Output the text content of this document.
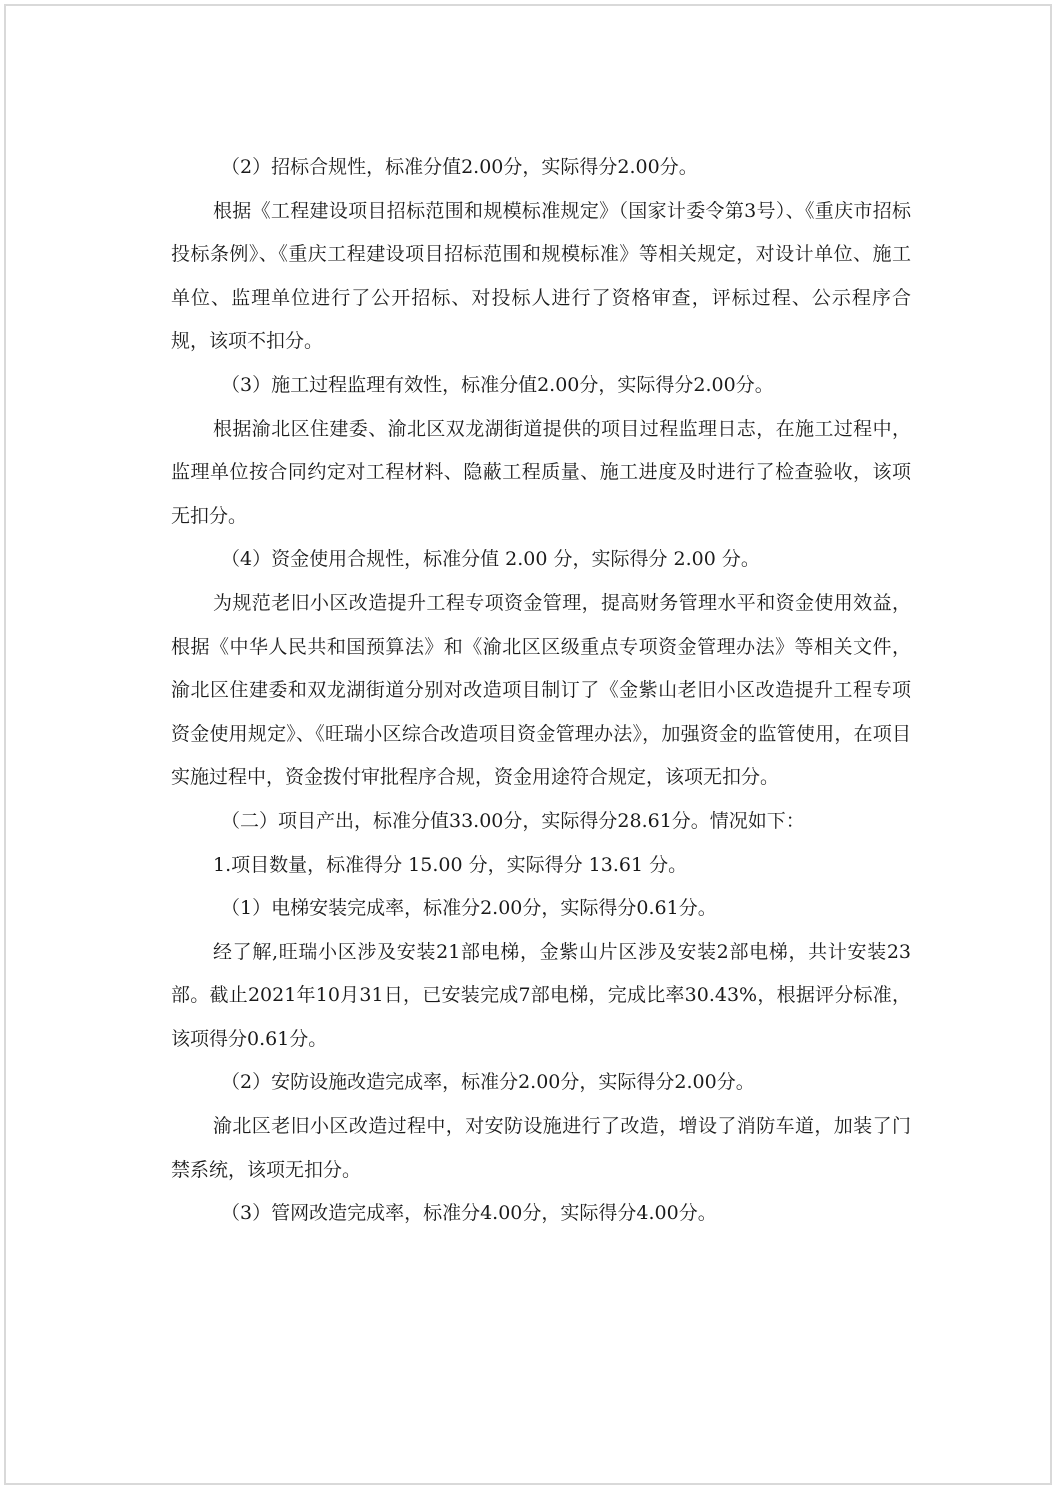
（2）招标合规性，标准分值2.00分，实际得分2.00分。

根据《工程建设项目招标范围和规模标准规定》（国家计委令第3号）、《重庆市招标投标条例》、《重庆工程建设项目招标范围和规模标准》等相关规定，对设计单位、施工单位、监理单位进行了公开招标、对投标人进行了资格审查，评标过程、公示程序合规，该项不扣分。

（3）施工过程监理有效性，标准分值2.00分，实际得分2.00分。

根据渝北区住建委、渝北区双龙湖街道提供的项目过程监理日志，在施工过程中，监理单位按合同约定对工程材料、隐蔽工程质量、施工进度及时进行了检查验收，该项无扣分。

（4）资金使用合规性，标准分值 2.00 分，实际得分 2.00 分。

为规范老旧小区改造提升工程专项资金管理，提高财务管理水平和资金使用效益，根据《中华人民共和国预算法》和《渝北区区级重点专项资金管理办法》等相关文件，渝北区住建委和双龙湖街道分别对改造项目制订了《金紫山老旧小区改造提升工程专项资金使用规定》、《旺瑞小区综合改造项目资金管理办法》，加强资金的监管使用，在项目实施过程中，资金拨付审批程序合规，资金用途符合规定，该项无扣分。

（二）项目产出，标准分值33.00分，实际得分28.61分。情况如下：

1.项目数量，标准得分 15.00 分，实际得分 13.61 分。

（1）电梯安装完成率，标准分2.00分，实际得分0.61分。

经了解,旺瑞小区涉及安装21部电梯，金紫山片区涉及安装2部电梯，共计安装23部。截止2021年10月31日，已安装完成7部电梯，完成比率30.43%，根据评分标准，该项得分0.61分。

（2）安防设施改造完成率，标准分2.00分，实际得分2.00分。

渝北区老旧小区改造过程中，对安防设施进行了改造，增设了消防车道，加装了门禁系统，该项无扣分。

（3）管网改造完成率，标准分4.00分，实际得分4.00分。
